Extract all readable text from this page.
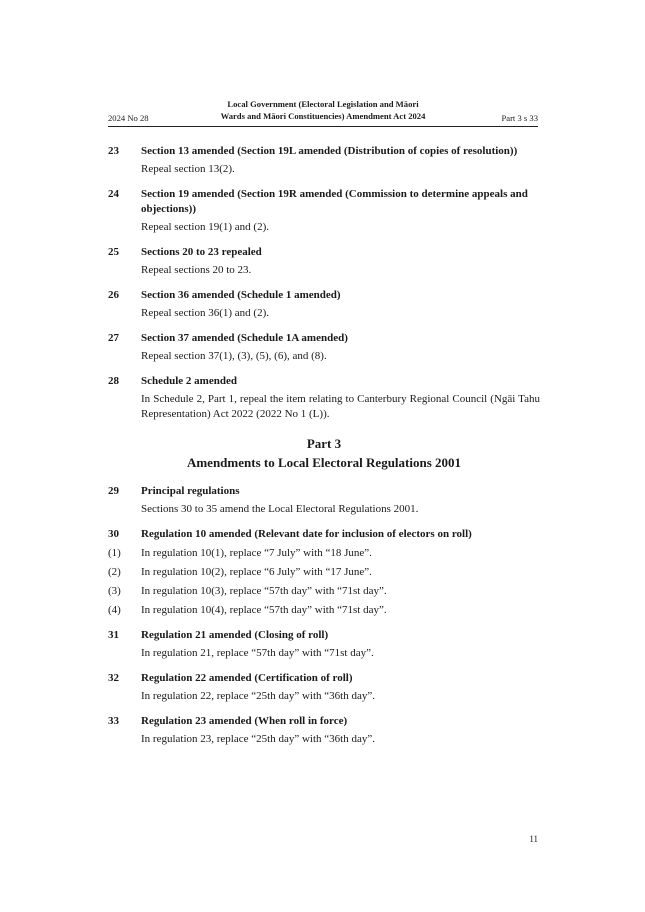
2024 No 28
Local Government (Electoral Legislation and Māori
Wards and Māori Constituencies) Amendment Act 2024	Part 3 s 33
23	Section 13 amended (Section 19L amended (Distribution of copies of resolution))
Repeal section 13(2).
24	Section 19 amended (Section 19R amended (Commission to determine appeals and objections))
Repeal section 19(1) and (2).
25	Sections 20 to 23 repealed
Repeal sections 20 to 23.
26	Section 36 amended (Schedule 1 amended)
Repeal section 36(1) and (2).
27	Section 37 amended (Schedule 1A amended)
Repeal section 37(1), (3), (5), (6), and (8).
28	Schedule 2 amended
In Schedule 2, Part 1, repeal the item relating to Canterbury Regional Council (Ngāi Tahu Representation) Act 2022 (2022 No 1 (L)).
Part 3
Amendments to Local Electoral Regulations 2001
29	Principal regulations
Sections 30 to 35 amend the Local Electoral Regulations 2001.
30	Regulation 10 amended (Relevant date for inclusion of electors on roll)
(1)	In regulation 10(1), replace “7 July” with “18 June”.
(2)	In regulation 10(2), replace “6 July” with “17 June”.
(3)	In regulation 10(3), replace “57th day” with “71st day”.
(4)	In regulation 10(4), replace “57th day” with “71st day”.
31	Regulation 21 amended (Closing of roll)
In regulation 21, replace “57th day” with “71st day”.
32	Regulation 22 amended (Certification of roll)
In regulation 22, replace “25th day” with “36th day”.
33	Regulation 23 amended (When roll in force)
In regulation 23, replace “25th day” with “36th day”.
11
